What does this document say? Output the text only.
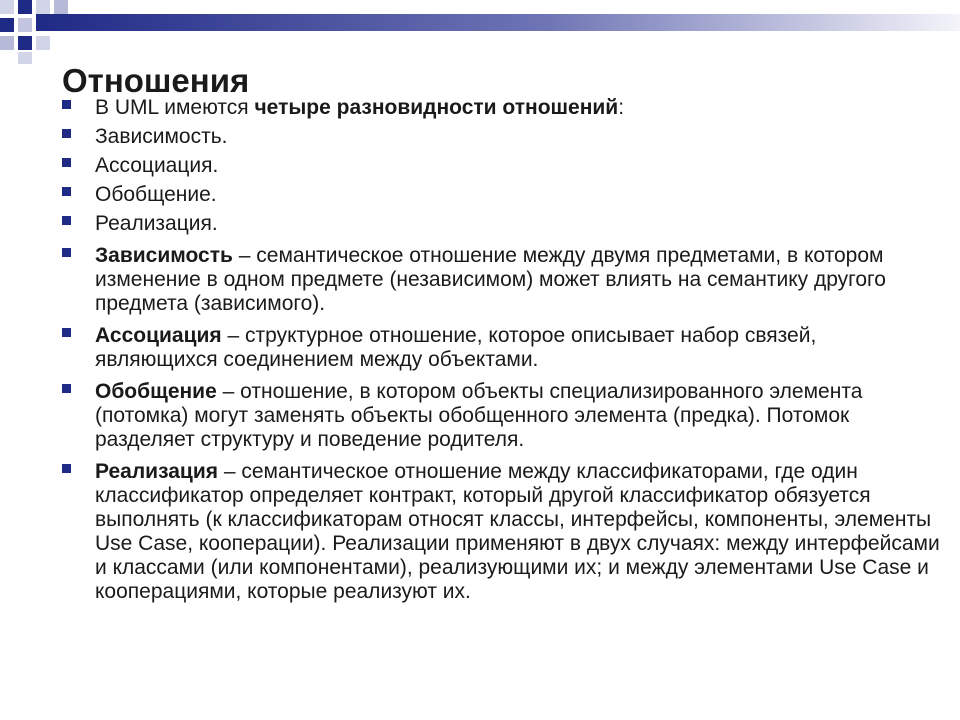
Отношения
В UML имеются четыре разновидности отношений:
Зависимость.
Ассоциация.
Обобщение.
Реализация.
Зависимость – семантическое отношение между двумя предметами, в котором изменение в одном предмете (независимом) может влиять на семантику другого предмета (зависимого).
Ассоциация – структурное отношение, которое описывает набор связей, являющихся соединением между объектами.
Обобщение – отношение, в котором объекты специализированного элемента (потомка) могут заменять объекты обобщенного элемента (предка). Потомок разделяет структуру и поведение родителя.
Реализация – семантическое отношение между классификаторами, где один классификатор определяет контракт, который другой классификатор обязуется выполнять (к классификаторам относят классы, интерфейсы, компоненты, элементы Use Case, кооперации). Реализации применяют в двух случаях: между интерфейсами и классами (или компонентами), реализующими их; и между элементами Use Case и кооперациями, которые реализуют их.
